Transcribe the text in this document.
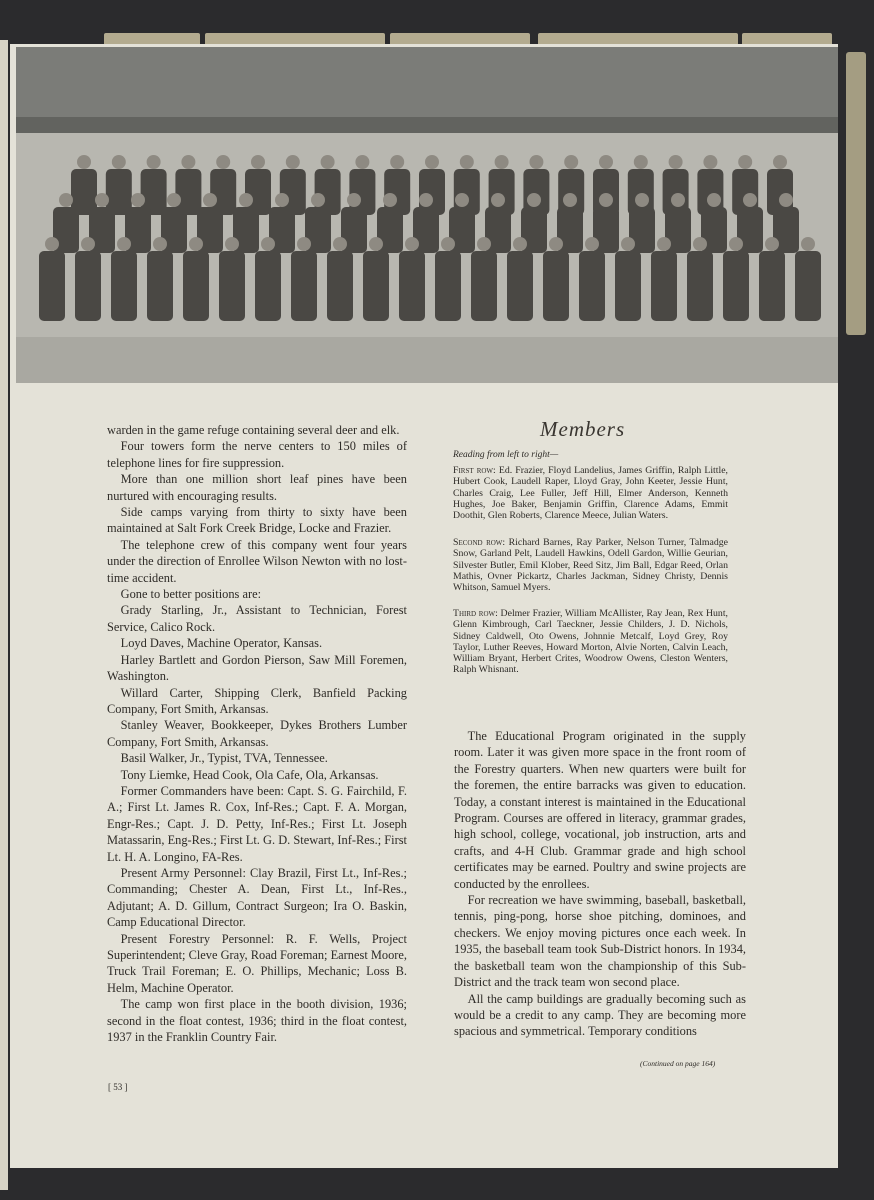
warden in the game refuge containing several deer and elk.

Four towers form the nerve centers to 150 miles of telephone lines for fire suppression.

More than one million short leaf pines have been nurtured with encouraging results.

Side camps varying from thirty to sixty have been maintained at Salt Fork Creek Bridge, Locke and Frazier.

The telephone crew of this company went four years under the direction of Enrollee Wilson Newton with no lost-time accident.

Gone to better positions are:

Grady Starling, Jr., Assistant to Technician, Forest Service, Calico Rock.

Loyd Daves, Machine Operator, Kansas.

Harley Bartlett and Gordon Pierson, Saw Mill Foremen, Washington.

Willard Carter, Shipping Clerk, Banfield Packing Company, Fort Smith, Arkansas.

Stanley Weaver, Bookkeeper, Dykes Brothers Lumber Company, Fort Smith, Arkansas.

Basil Walker, Jr., Typist, TVA, Tennessee.

Tony Liemke, Head Cook, Ola Cafe, Ola, Arkansas.

Former Commanders have been: Capt. S. G. Fairchild, F. A.; First Lt. James R. Cox, Inf-Res.; Capt. F. A. Morgan, Engr-Res.; Capt. J. D. Petty, Inf-Res.; First Lt. Joseph Matassarin, Eng-Res.; First Lt. G. D. Stewart, Inf-Res.; First Lt. H. A. Longino, FA-Res.

Present Army Personnel: Clay Brazil, First Lt., Inf-Res.; Commanding; Chester A. Dean, First Lt., Inf-Res., Adjutant; A. D. Gillum, Contract Surgeon; Ira O. Baskin, Camp Educational Director.

Present Forestry Personnel: R. F. Wells, Project Superintendent; Cleve Gray, Road Foreman; Earnest Moore, Truck Trail Foreman; E. O. Phillips, Mechanic; Loss B. Helm, Machine Operator.

The camp won first place in the booth division, 1936; second in the float contest, 1936; third in the float contest, 1937 in the Franklin Country Fair.

Members
Reading from left to right—
First row: Ed. Frazier, Floyd Landelius, James Griffin, Ralph Little, Hubert Cook, Laudell Raper, Lloyd Gray, John Keeter, Jessie Hunt, Charles Craig, Lee Fuller, Jeff Hill, Elmer Anderson, Kenneth Hughes, Joe Baker, Benjamin Griffin, Clarence Adams, Emmit Doothit, Glen Roberts, Clarence Meece, Julian Waters.
Second row: Richard Barnes, Ray Parker, Nelson Turner, Talmadge Snow, Garland Pelt, Laudell Hawkins, Odell Gardon, Willie Geurian, Silvester Butler, Emil Klober, Reed Sitz, Jim Ball, Edgar Reed, Orlan Mathis, Ovner Pickartz, Charles Jackman, Sidney Christy, Dennis Whitson, Samuel Myers.
Third row: Delmer Frazier, William McAllister, Ray Jean, Rex Hunt, Glenn Kimbrough, Carl Taeckner, Jessie Childers, J. D. Nichols, Sidney Caldwell, Oto Owens, Johnnie Metcalf, Loyd Grey, Roy Taylor, Luther Reeves, Howard Morton, Alvie Norten, Calvin Leach, William Bryant, Herbert Crites, Woodrow Owens, Cleston Wenters, Ralph Whisnant.

The Educational Program originated in the supply room. Later it was given more space in the front room of the Forestry quarters. When new quarters were built for the foremen, the entire barracks was given to education. Today, a constant interest is maintained in the Educational Program. Courses are offered in literacy, grammar grades, high school, college, vocational, job instruction, arts and crafts, and 4-H Club. Grammar grade and high school certificates may be earned. Poultry and swine projects are conducted by the enrollees.

For recreation we have swimming, baseball, basketball, tennis, ping-pong, horse shoe pitching, dominoes, and checkers. We enjoy moving pictures once each week. In 1935, the baseball team took Sub-District honors. In 1934, the basketball team won the championship of this Sub-District and the track team won second place.

All the camp buildings are gradually becoming such as would be a credit to any camp. They are becoming more spacious and symmetrical. Temporary conditions

(Continued on page 164)
[ 53 ]
